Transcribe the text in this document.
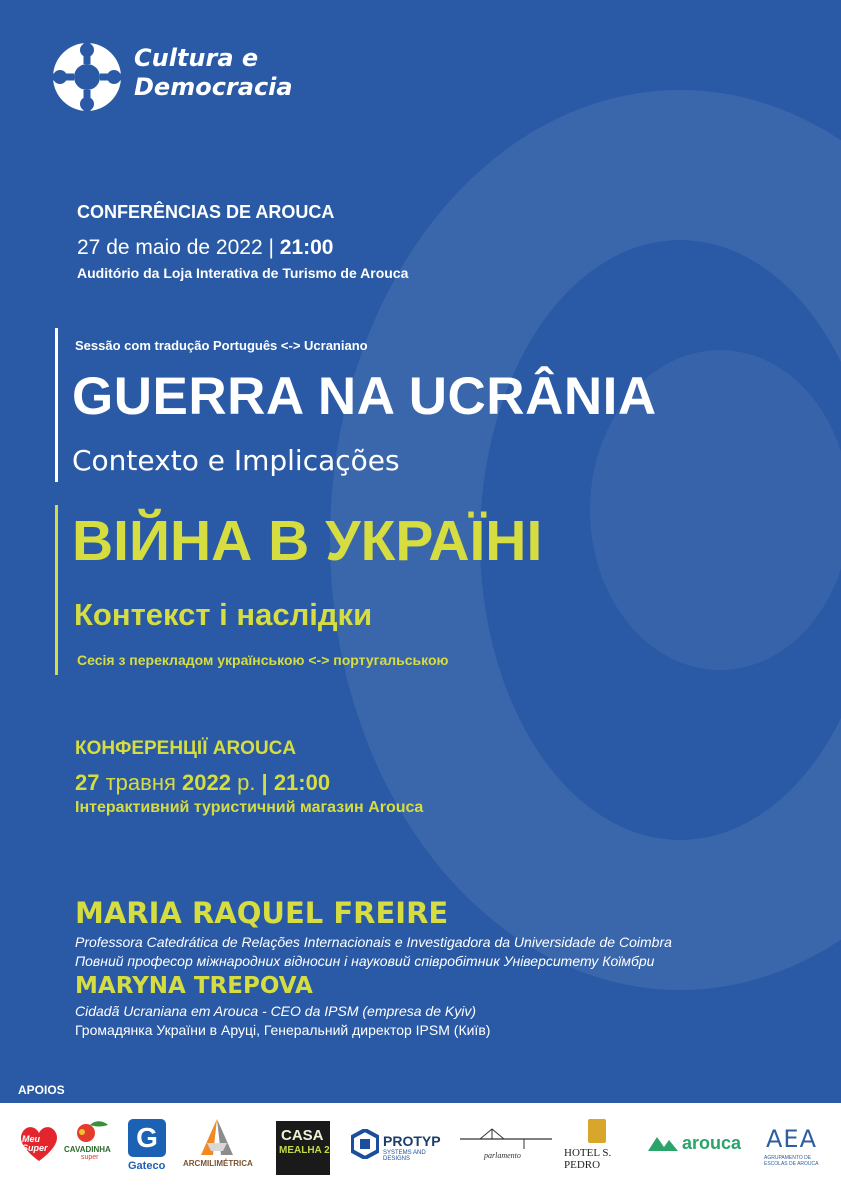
Cultura e
Democracia
CONFERÊNCIAS DE AROUCA
27 de maio de 2022 | 21:00
Auditório da Loja Interativa de Turismo de Arouca
Sessão com tradução Português <-> Ucraniano
GUERRA NA UCRÂNIA
Contexto e Implicações
ВІЙНА В УКРАЇНІ
Контекст і наслідки
Сесія з перекладом українською <-> португальською
КОНФЕРЕНЦІЇ AROUCA
27 травня 2022 р. | 21:00
Інтерактивний туристичний магазин Arouca
MARIA RAQUEL FREIRE
Professora Catedrática de Relações Internacionais e Investigadora da Universidade de Coimbra
Повний професор міжнародних відносин і науковий співробітник Університету Коїмбри
MARYNA TREPOVA
Cidadã Ucraniana em Arouca - CEO da IPSM (empresa de Kyiv)
Громадянка України в Аруці, Генеральний директор IPSM (Київ)
APOIOS
Meu Super	CAVADINHA
super
G
Gateco ARCMILIMÉTRICA
CASA
MEALHA 2
PROTYP
SYSTEMS AND DESIGNS	parlamento	HOTEL S. PEDRO
arouca AEA
AGRUPAMENTO DE ESCOLAS DE AROUCA
